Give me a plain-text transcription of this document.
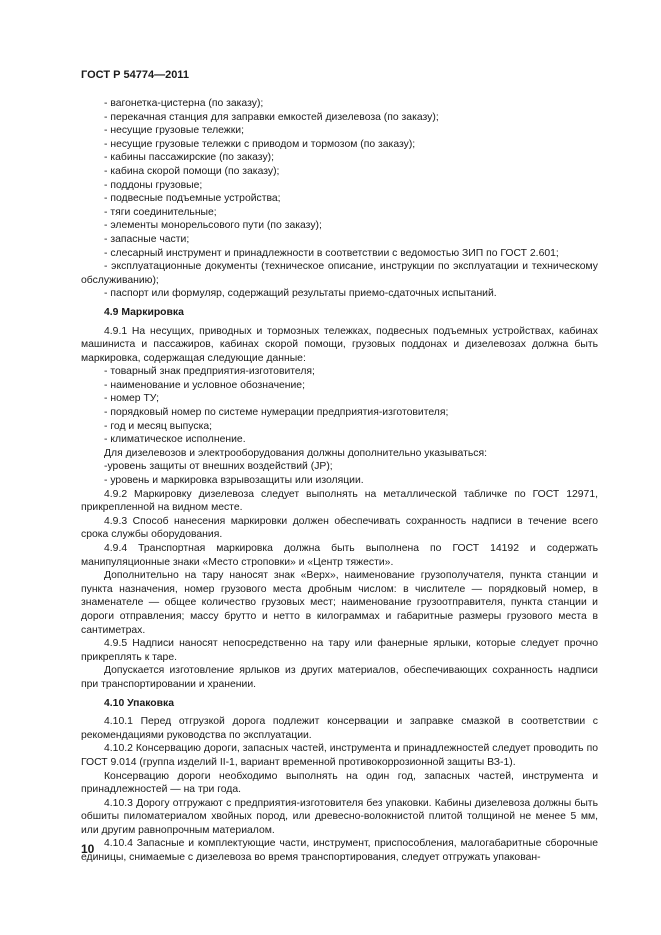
ГОСТ Р 54774—2011

- вагонетка-цистерна (по заказу);

- перекачная станция для заправки емкостей дизелевоза (по заказу);

- несущие грузовые тележки;

- несущие грузовые тележки с приводом и тормозом (по заказу);

- кабины пассажирские (по заказу);

- кабина скорой помощи (по заказу);

- поддоны грузовые;

- подвесные подъемные устройства;

- тяги соединительные;

- элементы монорельсового пути (по заказу);

- запасные части;

- слесарный инструмент и принадлежности в соответствии с ведомостью ЗИП по ГОСТ 2.601;

- эксплуатационные документы (техническое описание, инструкции по эксплуатации и техническому обслуживанию);

- паспорт или формуляр, содержащий результаты приемо-сдаточных испытаний.

4.9 Маркировка

4.9.1 На несущих, приводных и тормозных тележках, подвесных подъемных устройствах, кабинах машиниста и пассажиров, кабинах скорой помощи, грузовых поддонах и дизелевозах должна быть маркировка, содержащая следующие данные:

- товарный знак предприятия-изготовителя;

- наименование и условное обозначение;

- номер ТУ;

- порядковый номер по системе нумерации предприятия-изготовителя;

- год и месяц выпуска;

- климатическое исполнение.

Для дизелевозов и электрооборудования должны дополнительно указываться:

-уровень защиты от внешних воздействий (JP);

- уровень и маркировка взрывозащиты или изоляции.

4.9.2 Маркировку дизелевоза следует выполнять на металлической табличке по ГОСТ 12971, прикрепленной на видном месте.

4.9.3 Способ нанесения маркировки должен обеспечивать сохранность надписи в течение всего срока службы оборудования.

4.9.4 Транспортная маркировка должна быть выполнена по ГОСТ 14192 и содержать манипуляционные знаки «Место строповки» и «Центр тяжести».

Дополнительно на тару наносят знак «Верх», наименование грузополучателя, пункта станции и пункта назначения, номер грузового места дробным числом: в числителе — порядковый номер, в знаменателе — общее количество грузовых мест; наименование грузоотправителя, пункта станции и дороги отправления; массу брутто и нетто в килограммах и габаритные размеры грузового места в сантиметрах.

4.9.5 Надписи наносят непосредственно на тару или фанерные ярлыки, которые следует прочно прикреплять к таре.

Допускается изготовление ярлыков из других материалов, обеспечивающих сохранность надписи при транспортировании и хранении.

4.10 Упаковка

4.10.1 Перед отгрузкой дорога подлежит консервации и заправке смазкой в соответствии с рекомендациями руководства по эксплуатации.

4.10.2 Консервацию дороги, запасных частей, инструмента и принадлежностей следует проводить по ГОСТ 9.014 (группа изделий II-1, вариант временной противокоррозионной защиты ВЗ-1).

Консервацию дороги необходимо выполнять на один год, запасных частей, инструмента и принадлежностей — на три года.

4.10.3 Дорогу отгружают с предприятия-изготовителя без упаковки. Кабины дизелевоза должны быть обшиты пиломатериалом хвойных пород, или древесно-волокнистой плитой толщиной не менее 5 мм, или другим равнопрочным материалом.

4.10.4 Запасные и комплектующие части, инструмент, приспособления, малогабаритные сборочные единицы, снимаемые с дизелевоза во время транспортирования, следует отгружать упакован-

10
